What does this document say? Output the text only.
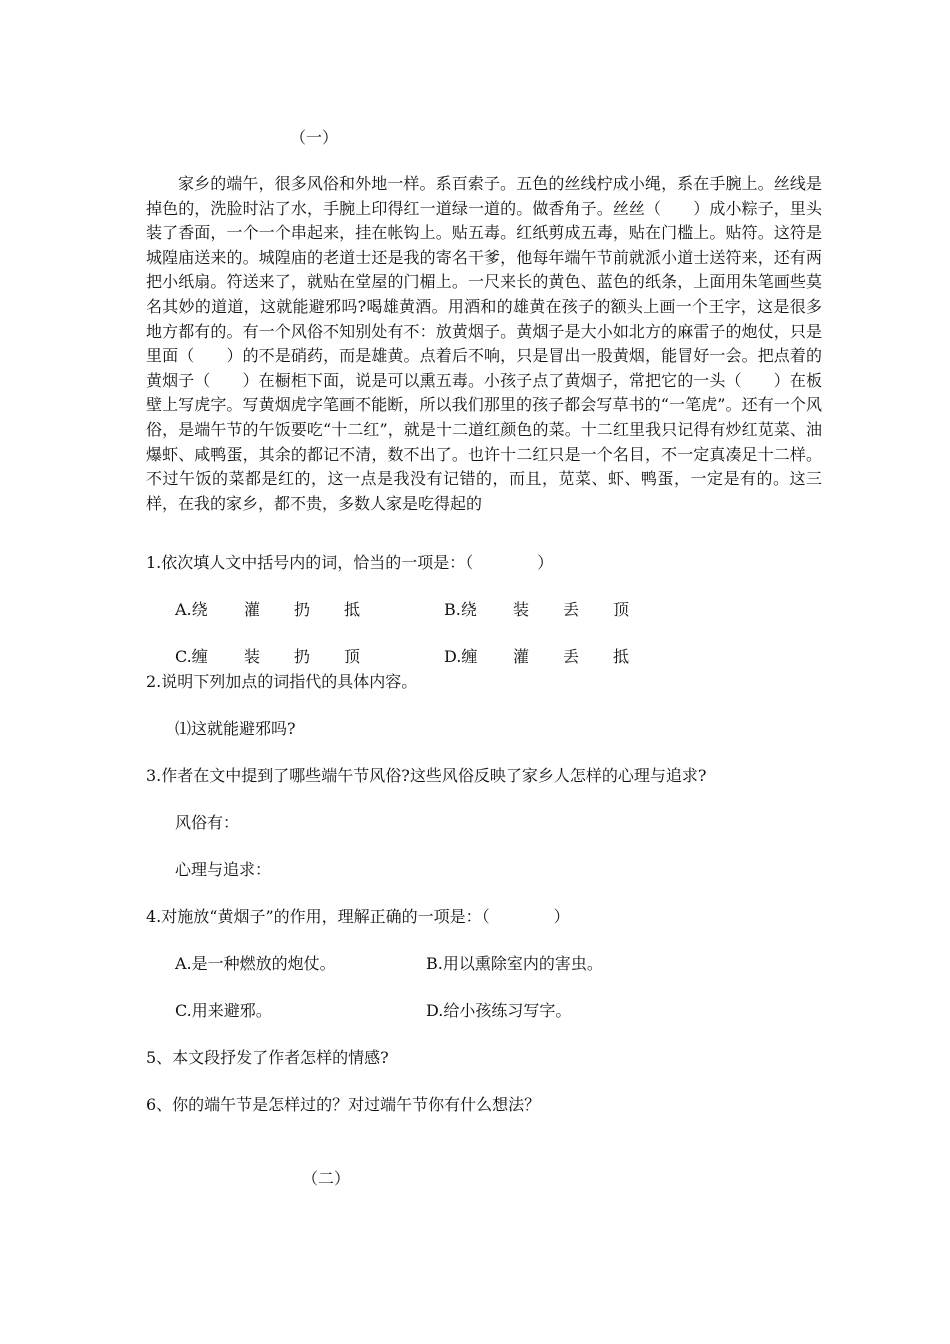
（一）

家乡的端午，很多风俗和外地一样。系百索子。五色的丝线柠成小绳，系在手腕上。丝线是掉色的，洗脸时沾了水，手腕上印得红一道绿一道的。做香角子。丝丝（　　）成小粽子，里头装了香面，一个一个串起来，挂在帐钩上。贴五毒。红纸剪成五毒，贴在门槛上。贴符。这符是城隍庙送来的。城隍庙的老道士还是我的寄名干爹，他每年端午节前就派小道士送符来，还有两把小纸扇。符送来了，就贴在堂屋的门楣上。一尺来长的黄色、蓝色的纸条，上面用朱笔画些莫名其妙的道道，这就能避邪吗?喝雄黄酒。用酒和的雄黄在孩子的额头上画一个王字，这是很多地方都有的。有一个风俗不知别处有不：放黄烟子。黄烟子是大小如北方的麻雷子的炮仗，只是里面（　　）的不是硝药，而是雄黄。点着后不响，只是冒出一股黄烟，能冒好一会。把点着的黄烟子（　　）在橱柜下面，说是可以熏五毒。小孩子点了黄烟子，常把它的一头（　　）在板壁上写虎字。写黄烟虎字笔画不能断，所以我们那里的孩子都会写草书的“一笔虎”。还有一个风俗，是端午节的午饭要吃“十二红”，就是十二道红颜色的菜。十二红里我只记得有炒红苋菜、油爆虾、咸鸭蛋，其余的都记不清，数不出了。也许十二红只是一个名目，不一定真凑足十二样。不过午饭的菜都是红的，这一点是我没有记错的，而且，苋菜、虾、鸭蛋，一定是有的。这三样，在我的家乡，都不贵，多数人家是吃得起的

1.依次填人文中括号内的词，恰当的一项是：（　　　　）
A.绕 灌 扔 抵	B.绕 装 丢 顶
C.缠 装 扔 顶	D.缠 灌 丢 抵
2.说明下列加点的词指代的具体内容。
⑴这就能避邪吗?
3.作者在文中提到了哪些端午节风俗?这些风俗反映了家乡人怎样的心理与追求?
风俗有：
心理与追求：
4.对施放“黄烟子”的作用，理解正确的一项是：（　　　　）
A.是一种燃放的炮仗。	B.用以熏除室内的害虫。
C.用来避邪。	D.给小孩练习写字。
5、本文段抒发了作者怎样的情感?
6、你的端午节是怎样过的？对过端午节你有什么想法？
（二）
